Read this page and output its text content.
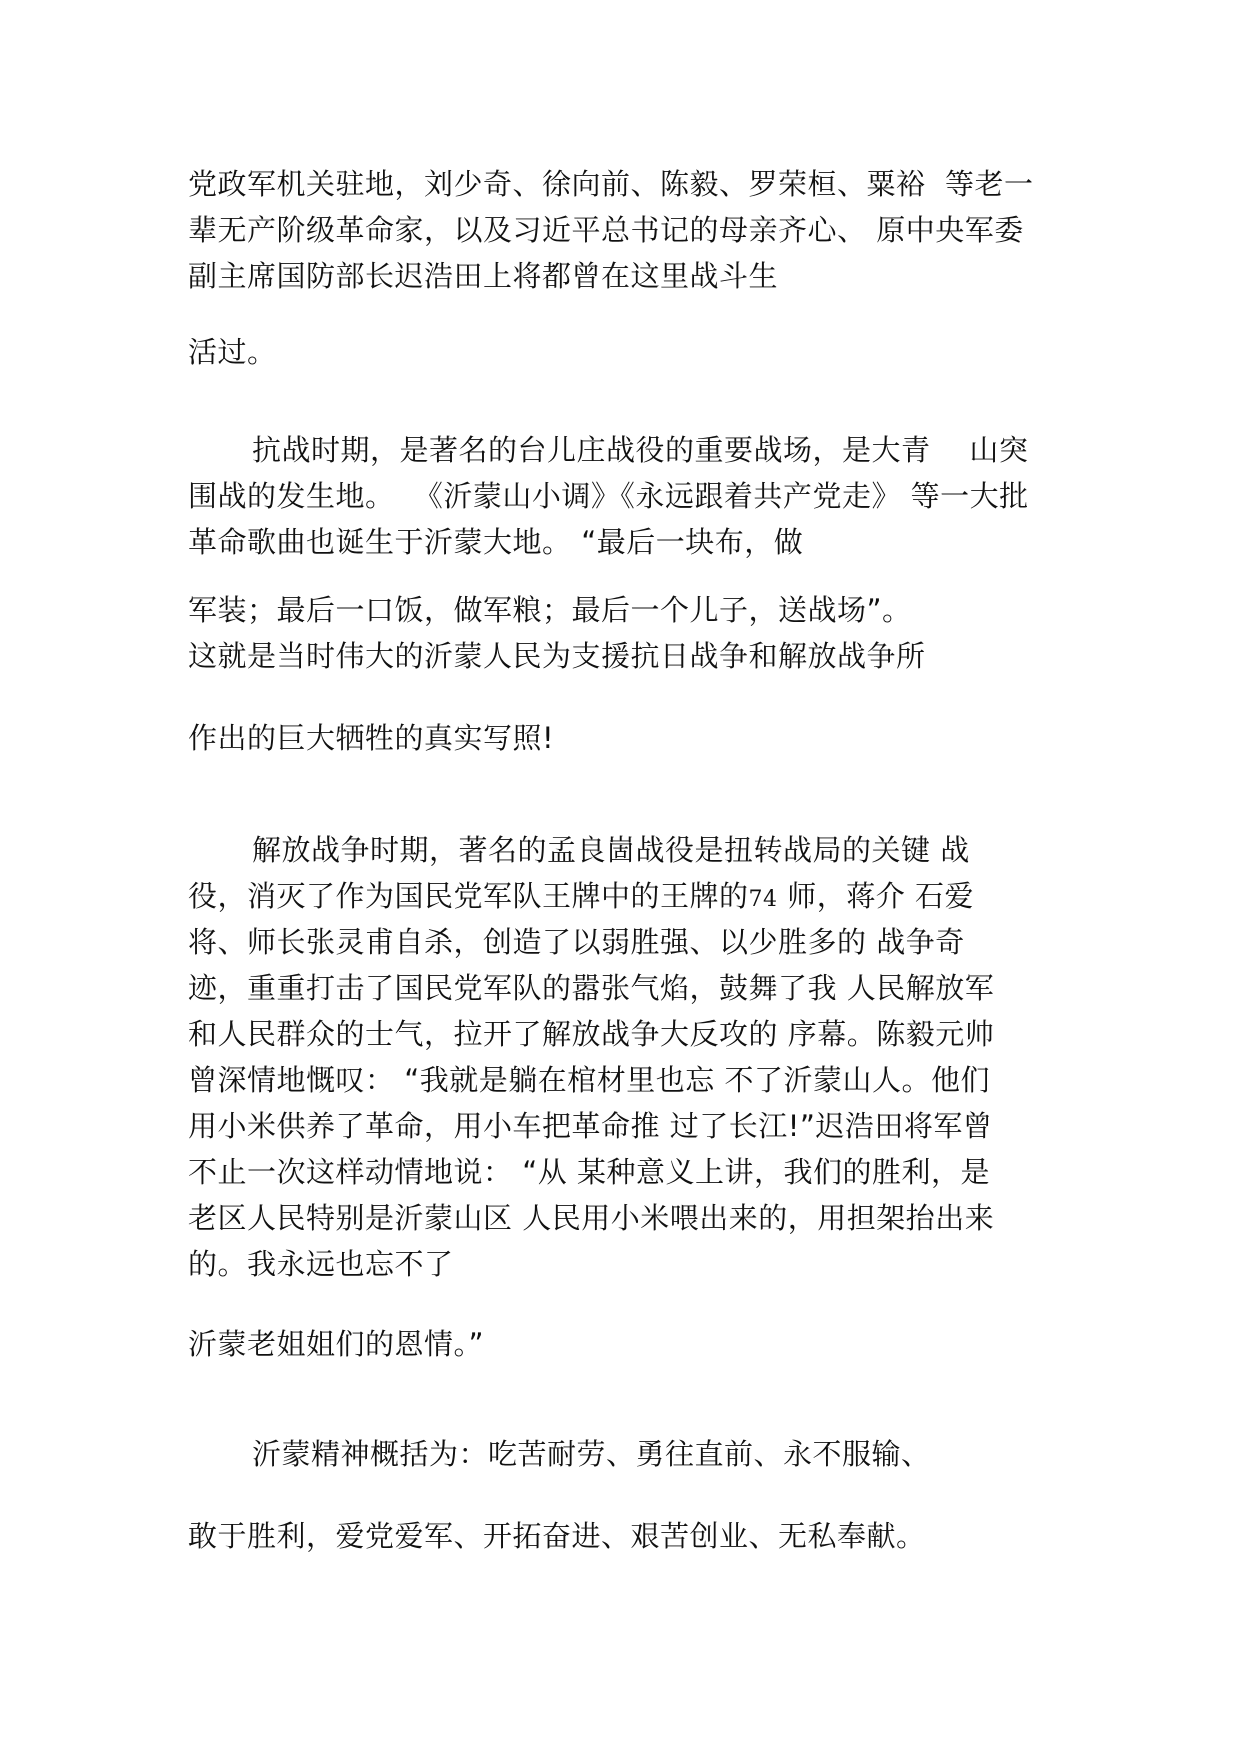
党政军机关驻地，刘少奇、徐向前、陈毅、罗荣桓、粟裕  等老一
辈无产阶级革命家，以及习近平总书记的母亲齐心、 原中央军委
副主席国防部长迟浩田上将都曾在这里战斗生
活过。
抗战时期，是著名的台儿庄战役的重要战场，是大青    山突
围战的发生地。  《沂蒙山小调》《永远跟着共产党走》 等一大批
革命歌曲也诞生于沂蒙大地。 “最后一块布，做
军装；最后一口饭，做军粮；最后一个儿子，送战场”。
这就是当时伟大的沂蒙人民为支援抗日战争和解放战争所
作出的巨大牺牲的真实写照!
解放战争时期，著名的孟良崮战役是扭转战局的关键 战
役，消灭了作为国民党军队王牌中的王牌的74 师，蒋介 石爱
将、师长张灵甫自杀，创造了以弱胜强、以少胜多的 战争奇
迹，重重打击了国民党军队的嚣张气焰，鼓舞了我 人民解放军
和人民群众的士气，拉开了解放战争大反攻的 序幕。陈毅元帅
曾深情地慨叹： “我就是躺在棺材里也忘 不了沂蒙山人。他们
用小米供养了革命，用小车把革命推 过了长江!”迟浩田将军曾
不止一次这样动情地说： “从 某种意义上讲，我们的胜利，是
老区人民特别是沂蒙山区 人民用小米喂出来的，用担架抬出来
的。我永远也忘不了
沂蒙老姐姐们的恩情。”
沂蒙精神概括为：吃苦耐劳、勇往直前、永不服输、
敢于胜利，爱党爱军、开拓奋进、艰苦创业、无私奉献。
